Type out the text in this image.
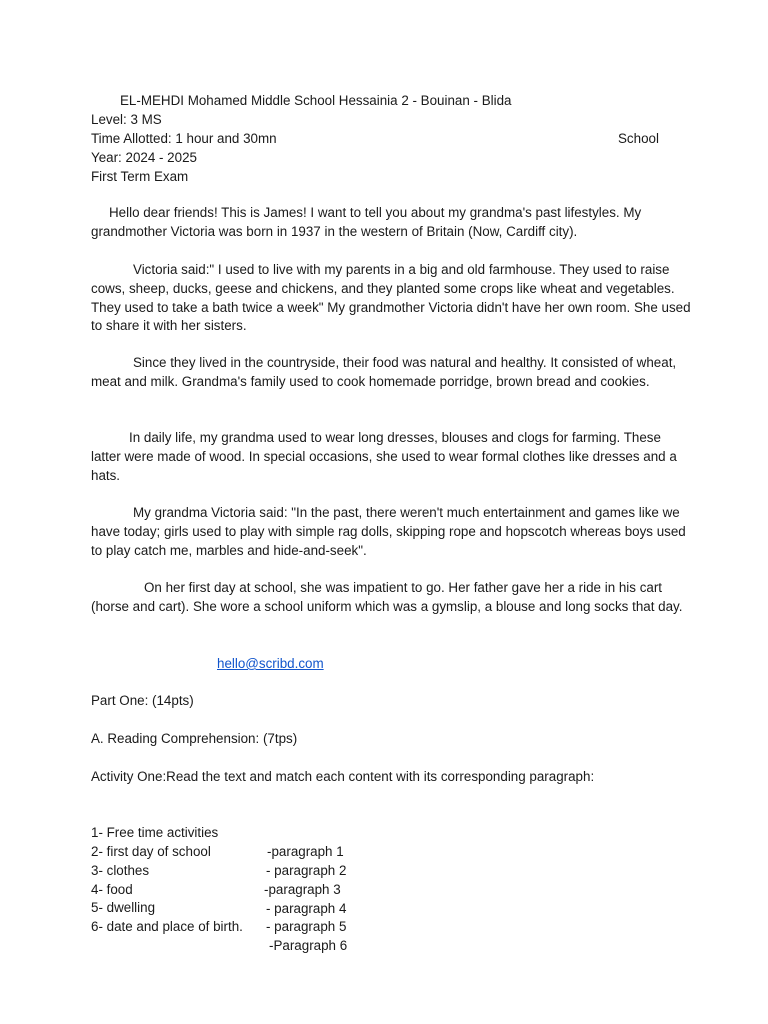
EL-MEHDI Mohamed Middle School Hessainia 2 - Bouinan - Blida
Level: 3 MS
Time Allotted: 1 hour and 30mn	School
Year: 2024 - 2025
First Term Exam
Hello dear friends! This is James! I want to tell you about my grandma's past lifestyles. My grandmother Victoria was born in 1937 in the western of Britain (Now, Cardiff city).
Victoria said:" I used to live with my parents in a big and old farmhouse. They used to raise cows, sheep, ducks, geese and chickens, and they planted some crops like wheat and vegetables. They used to take a bath twice a week" My grandmother Victoria didn't have her own room. She used to share it with her sisters.
Since they lived in the countryside, their food was natural and healthy. It consisted of wheat, meat and milk. Grandma's family used to cook homemade porridge, brown bread and cookies.
In daily life, my grandma used to wear long dresses, blouses and clogs for farming. These latter were made of wood. In special occasions, she used to wear formal clothes like dresses and a hats.
My grandma Victoria said: "In the past, there weren't much entertainment and games like we have today; girls used to play with simple rag dolls, skipping rope and hopscotch whereas boys used to play catch me, marbles and hide-and-seek".
On her first day at school, she was impatient to go. Her father gave her a ride in his cart (horse and cart). She wore a school uniform which was a gymslip, a blouse and long socks that day.
hello@scribd.com
Part One: (14pts)
A. Reading Comprehension: (7tps)
Activity One:Read the text and match each content with its corresponding paragraph:

1- Free time activities

-paragraph 1

2- first day of school

- paragraph 2

3- clothes

-paragraph 3

4- food

- paragraph 4

5- dwelling

- paragraph 5

6- date and place of birth.

-Paragraph 6
